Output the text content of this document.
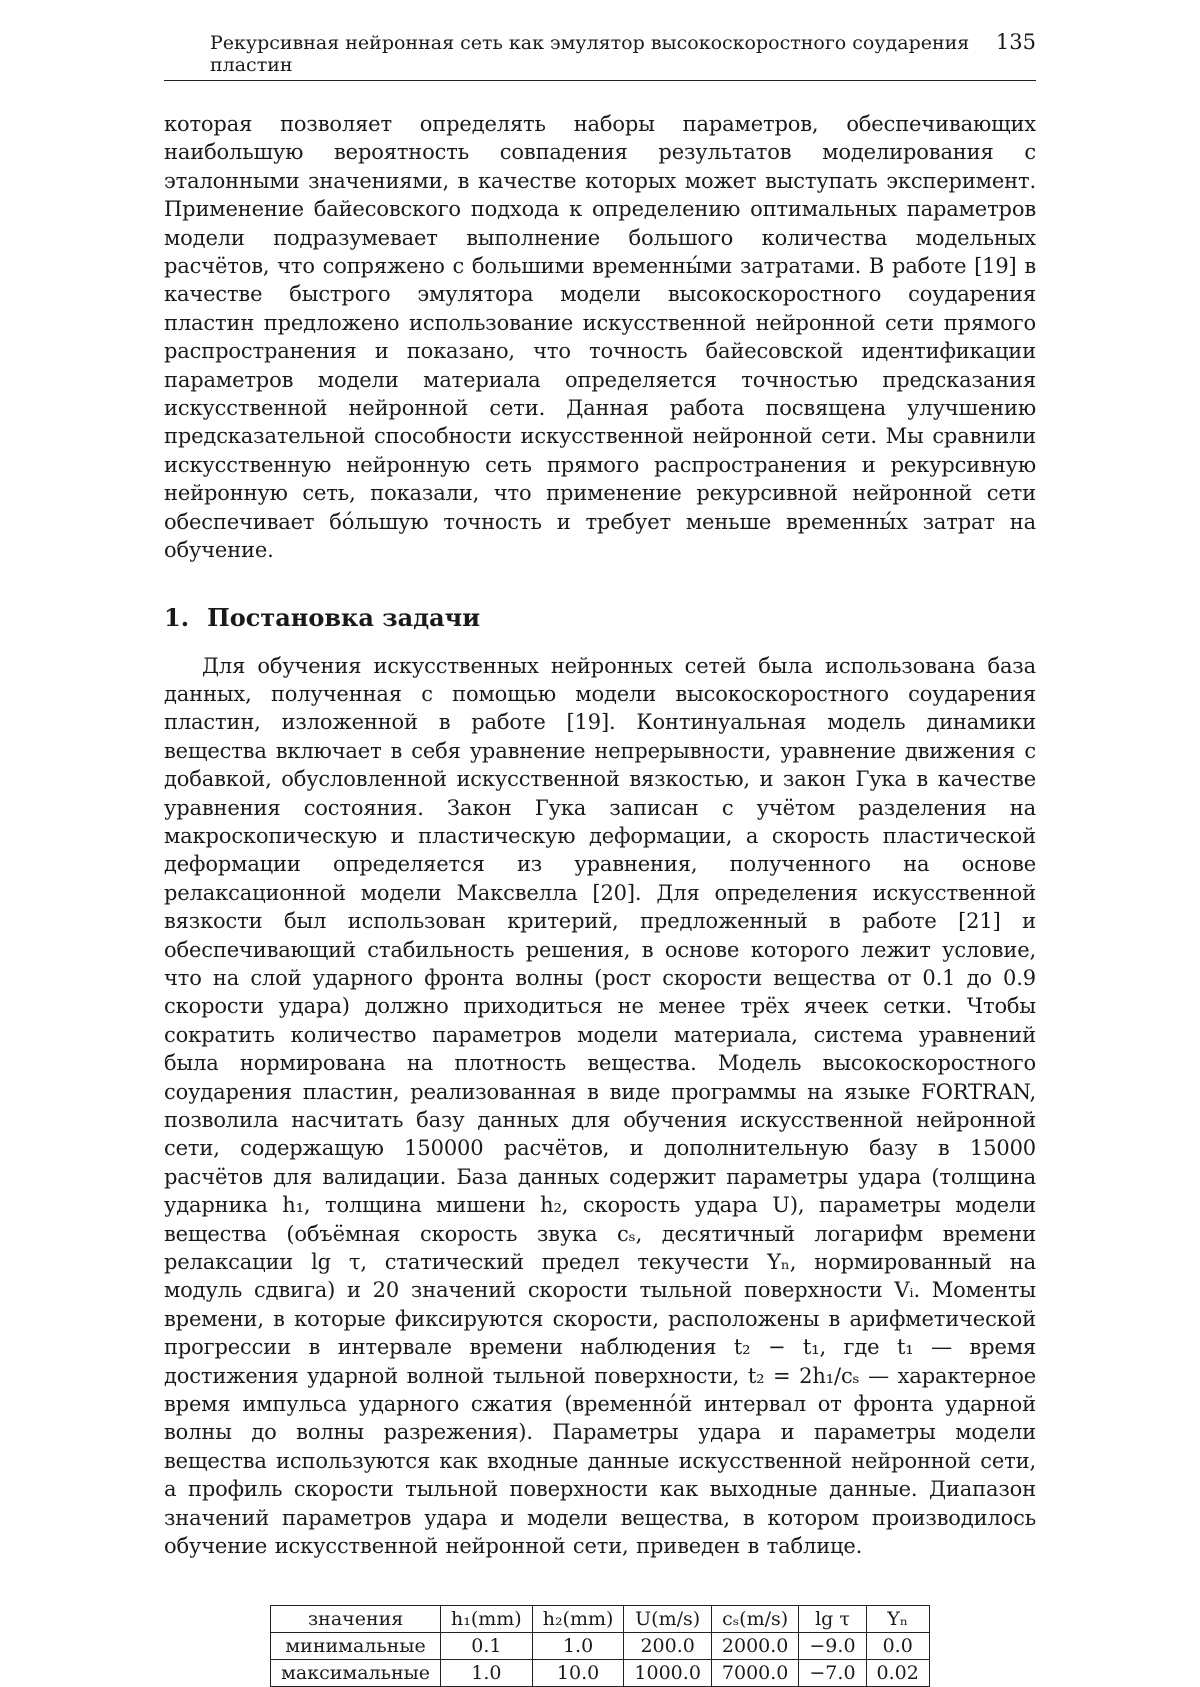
Рекурсивная нейронная сеть как эмулятор высокоскоростного соударения пластин
135

которая позволяет определять наборы параметров, обеспечивающих наибольшую вероятность совпадения результатов моделирования с эталонными значениями, в качестве которых может выступать эксперимент. Применение байесовского подхода к определению оптимальных параметров модели подразумевает выполнение большого количества модельных расчётов, что сопряжено с большими временны́ми затратами. В работе [19] в качестве быстрого эмулятора модели высокоскоростного соударения пластин предложено использование искусственной нейронной сети прямого распространения и показано, что точность байесовской идентификации параметров модели материала определяется точностью предсказания искусственной нейронной сети. Данная работа посвящена улучшению предсказательной способности искусственной нейронной сети. Мы сравнили искусственную нейронную сеть прямого распространения и рекурсивную нейронную сеть, показали, что применение рекурсивной нейронной сети обеспечивает бо́льшую точность и требует меньше временны́х затрат на обучение.

1. Постановка задачи

Для обучения искусственных нейронных сетей была использована база данных, полученная с помощью модели высокоскоростного соударения пластин, изложенной в работе [19]. Континуальная модель динамики вещества включает в себя уравнение непрерывности, уравнение движения с добавкой, обусловленной искусственной вязкостью, и закон Гука в качестве уравнения состояния. Закон Гука записан с учётом разделения на макроскопическую и пластическую деформации, а скорость пластической деформации определяется из уравнения, полученного на основе релаксационной модели Максвелла [20]. Для определения искусственной вязкости был использован критерий, предложенный в работе [21] и обеспечивающий стабильность решения, в основе которого лежит условие, что на слой ударного фронта волны (рост скорости вещества от 0.1 до 0.9 скорости удара) должно приходиться не менее трёх ячеек сетки. Чтобы сократить количество параметров модели материала, система уравнений была нормирована на плотность вещества. Модель высокоскоростного соударения пластин, реализованная в виде программы на языке FORTRAN, позволила насчитать базу данных для обучения искусственной нейронной сети, содержащую 150000 расчётов, и дополнительную базу в 15000 расчётов для валидации. База данных содержит параметры удара (толщина ударника h₁, толщина мишени h₂, скорость удара U), параметры модели вещества (объёмная скорость звука cₛ, десятичный логарифм времени релаксации lg τ, статический предел текучести Yₙ, нормированный на модуль сдвига) и 20 значений скорости тыльной поверхности Vᵢ. Моменты времени, в которые фиксируются скорости, расположены в арифметической прогрессии в интервале времени наблюдения t₂ − t₁, где t₁ — время достижения ударной волной тыльной поверхности, t₂ = 2h₁/cₛ — характерное время импульса ударного сжатия (временно́й интервал от фронта ударной волны до волны разрежения). Параметры удара и параметры модели вещества используются как входные данные искусственной нейронной сети, а профиль скорости тыльной поверхности как выходные данные. Диапазон значений параметров удара и модели вещества, в котором производилось обучение искусственной нейронной сети, приведен в таблице.

значения	h₁(mm)	h₂(mm)	U(m/s)	cₛ(m/s)	lg τ	Yₙ
минимальные	0.1	1.0	200.0	2000.0	−9.0	0.0
максимальные	1.0	10.0	1000.0	7000.0	−7.0	0.02
